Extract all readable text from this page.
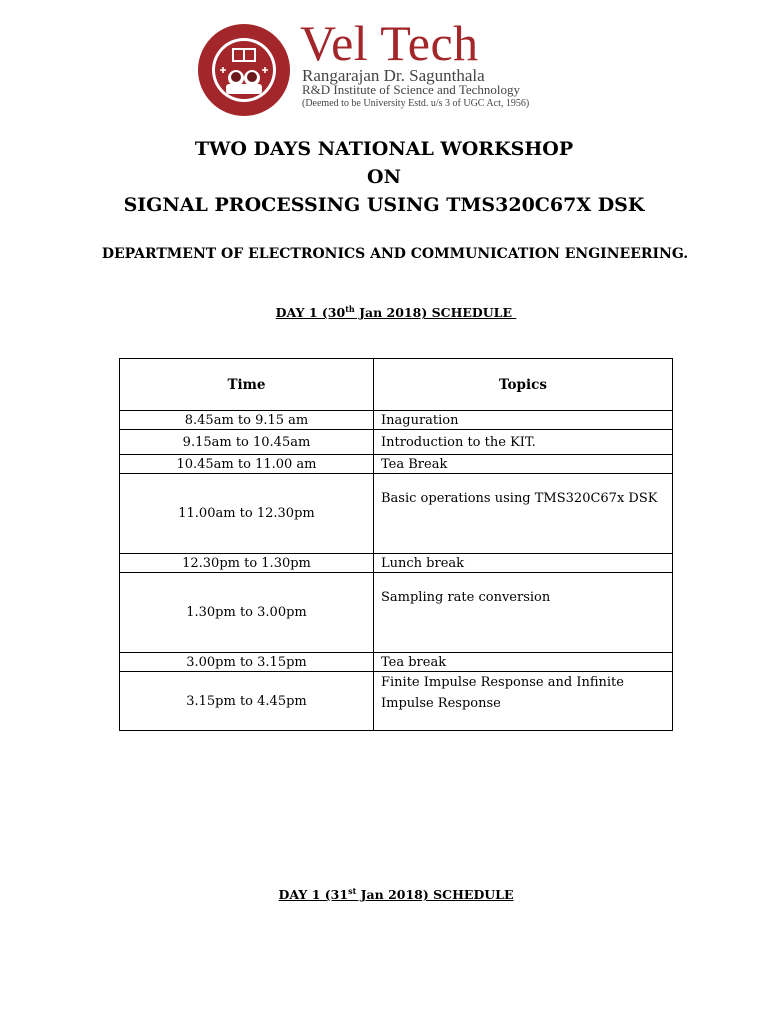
Vel Tech
Rangarajan Dr. Sagunthala
R&D Institute of Science and Technology
(Deemed to be University Estd. u/s 3 of UGC Act, 1956)
TWO DAYS NATIONAL WORKSHOP
ON
SIGNAL PROCESSING USING TMS320C67X DSK
DEPARTMENT OF ELECTRONICS AND COMMUNICATION ENGINEERING.
DAY 1 (30th Jan 2018) SCHEDULE
Time	Topics
8.45am to 9.15 am	Inaguration
9.15am to 10.45am	Introduction to the KIT.
10.45am to 11.00 am	Tea Break
11.00am to 12.30pm	Basic operations using TMS320C67x DSK
12.30pm to 1.30pm	Lunch break
1.30pm to 3.00pm	Sampling rate conversion
3.00pm to 3.15pm	Tea break
3.15pm to 4.45pm	Finite Impulse Response and Infinite Impulse Response
DAY 1 (31st Jan 2018) SCHEDULE
